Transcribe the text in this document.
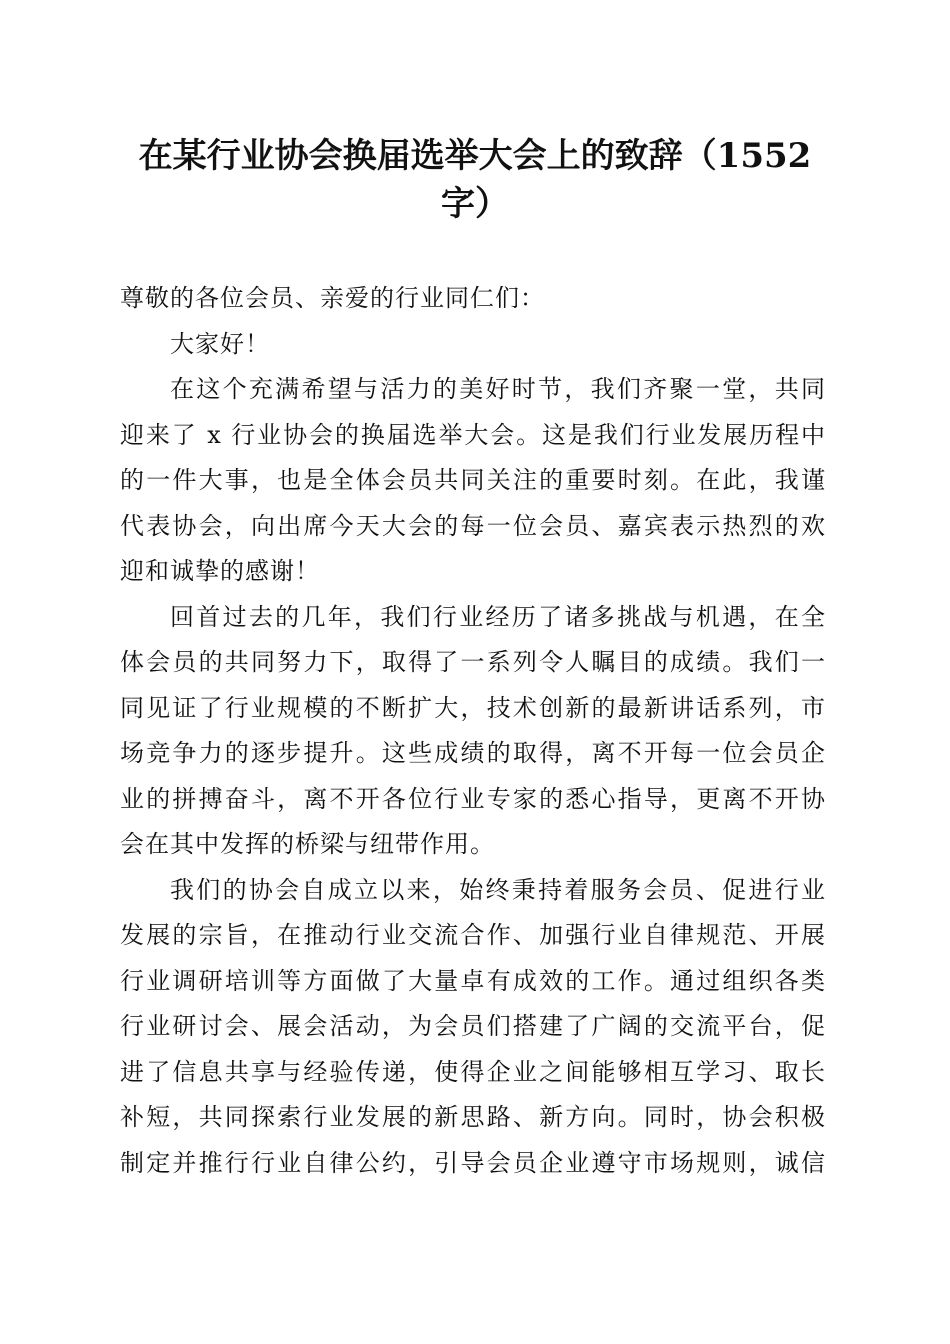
在某行业协会换届选举大会上的致辞（1552
字）

尊敬的各位会员、亲爱的行业同仁们：

大家好！

在这个充满希望与活力的美好时节，我们齐聚一堂，共同
迎来了 x 行业协会的换届选举大会。这是我们行业发展历程中
的一件大事，也是全体会员共同关注的重要时刻。在此，我谨
代表协会，向出席今天大会的每一位会员、嘉宾表示热烈的欢
迎和诚挚的感谢！

回首过去的几年，我们行业经历了诸多挑战与机遇，在全
体会员的共同努力下，取得了一系列令人瞩目的成绩。我们一
同见证了行业规模的不断扩大，技术创新的最新讲话系列，市
场竞争力的逐步提升。这些成绩的取得，离不开每一位会员企
业的拼搏奋斗，离不开各位行业专家的悉心指导，更离不开协
会在其中发挥的桥梁与纽带作用。

我们的协会自成立以来，始终秉持着服务会员、促进行业
发展的宗旨，在推动行业交流合作、加强行业自律规范、开展
行业调研培训等方面做了大量卓有成效的工作。通过组织各类
行业研讨会、展会活动，为会员们搭建了广阔的交流平台，促
进了信息共享与经验传递，使得企业之间能够相互学习、取长
补短，共同探索行业发展的新思路、新方向。同时，协会积极
制定并推行行业自律公约，引导会员企业遵守市场规则，诚信
